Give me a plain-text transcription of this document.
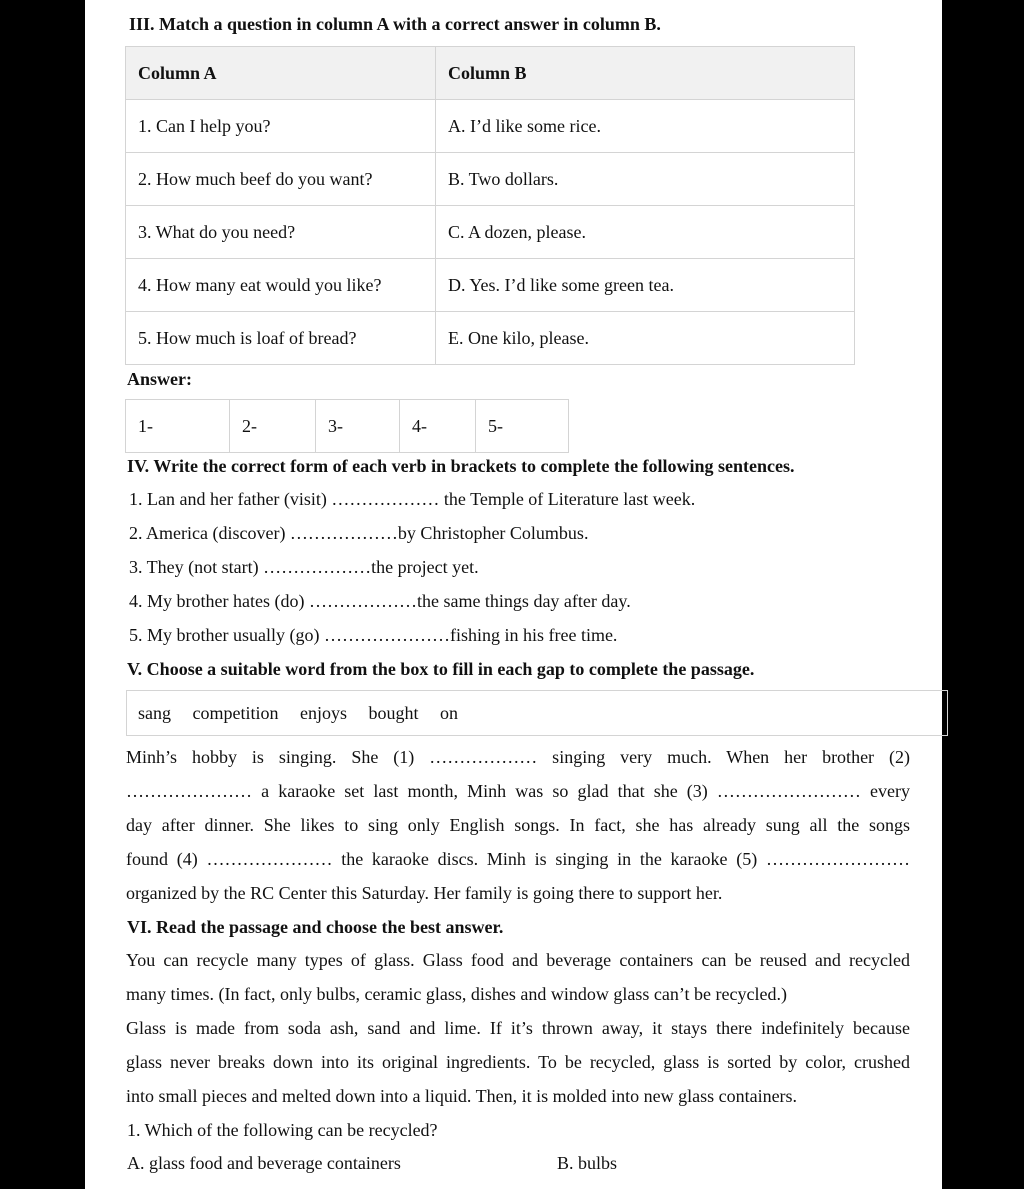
III. Match a question in column A with a correct answer in column B.
Column A	Column B
1. Can I help you?	A. I’d like some rice.
2. How much beef do you want?	B. Two dollars.
3. What do you need?	C. A dozen, please.
4. How many eat would you like?	D. Yes. I’d like some green tea.
5. How much is loaf of bread?	E. One kilo, please.
Answer:
1-	2-	3-	4-	5-
IV. Write the correct form of each verb in brackets to complete the following sentences.
1. Lan and her father (visit) ……………… the Temple of Literature last week.
2. America (discover) ………………by Christopher Columbus.
3. They (not start) ………………the project yet.
4. My brother hates (do) ………………the same things day after day.
5. My brother usually (go) …………………fishing in his free time.
V. Choose a suitable word from the box to fill in each gap to complete the passage.
sang competition enjoys bought on
Minh’s hobby is singing. She (1) ……………… singing very much. When her brother (2)
………………… a karaoke set last month, Minh was so glad that she (3) …………………… every
day after dinner. She likes to sing only English songs. In fact, she has already sung all the songs
found (4) ………………… the karaoke discs. Minh is singing in the karaoke (5) ……………………
organized by the RC Center this Saturday. Her family is going there to support her.
VI. Read the passage and choose the best answer.
You can recycle many types of glass. Glass food and beverage containers can be reused and recycled
many times. (In fact, only bulbs, ceramic glass, dishes and window glass can’t be recycled.)
Glass is made from soda ash, sand and lime. If it’s thrown away, it stays there indefinitely because
glass never breaks down into its original ingredients. To be recycled, glass is sorted by color, crushed
into small pieces and melted down into a liquid. Then, it is molded into new glass containers.
1. Which of the following can be recycled?
A. glass food and beverage containers	B. bulbs
